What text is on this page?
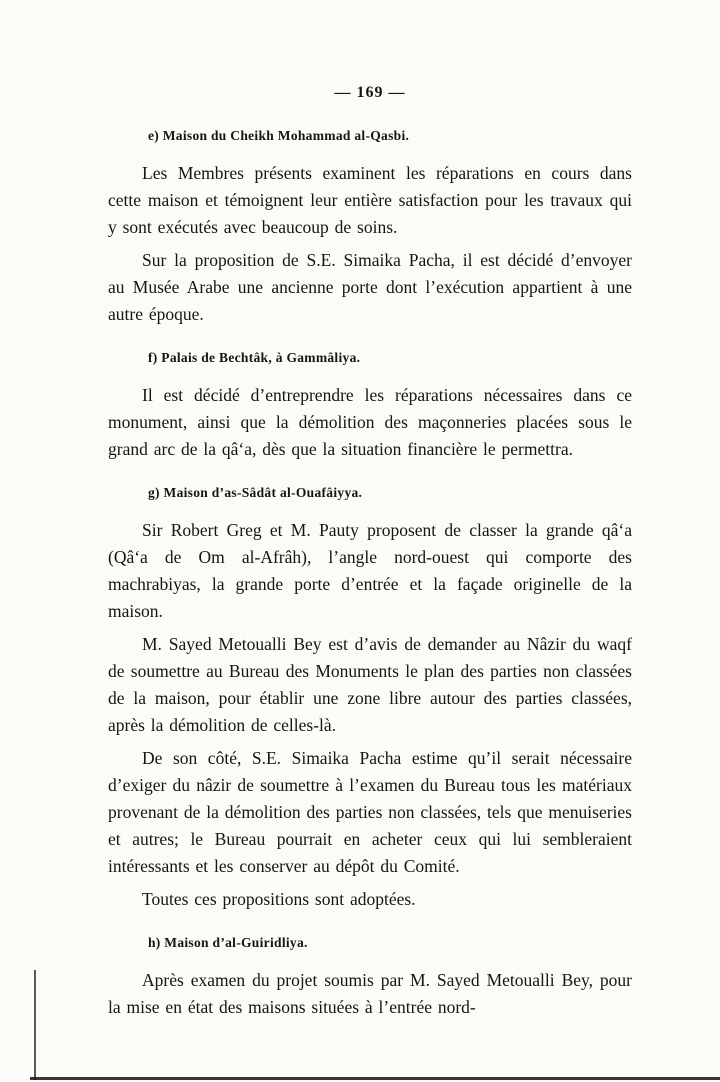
— 169 —
e) Maison du Cheikh Mohammad al-Qasbi.

Les Membres présents examinent les réparations en cours dans cette maison et témoignent leur entière satisfaction pour les travaux qui y sont exécutés avec beaucoup de soins.

Sur la proposition de S.E. Simaika Pacha, il est décidé d’envoyer au Musée Arabe une ancienne porte dont l’exécution appartient à une autre époque.

f) Palais de Bechtâk, à Gammâliya.

Il est décidé d’entreprendre les réparations nécessaires dans ce monument, ainsi que la démolition des maçonneries placées sous le grand arc de la qâ‘a, dès que la situation financière le permettra.

g) Maison d’as-Sâdât al-Ouafâiyya.

Sir Robert Greg et M. Pauty proposent de classer la grande qâ‘a (Qâ‘a de Om al-Afrâh), l’angle nord-ouest qui comporte des machrabiyas, la grande porte d’entrée et la façade originelle de la maison.

M. Sayed Metoualli Bey est d’avis de demander au Nâzir du waqf de soumettre au Bureau des Monuments le plan des parties non classées de la maison, pour établir une zone libre autour des parties classées, après la démolition de celles-là.

De son côté, S.E. Simaika Pacha estime qu’il serait nécessaire d’exiger du nâzir de soumettre à l’examen du Bureau tous les matériaux provenant de la démolition des parties non classées, tels que menuiseries et autres; le Bureau pourrait en acheter ceux qui lui sembleraient intéressants et les conserver au dépôt du Comité.

Toutes ces propositions sont adoptées.

h) Maison d’al-Guiridliya.

Après examen du projet soumis par M. Sayed Metoualli Bey, pour la mise en état des maisons situées à l’entrée nord-
